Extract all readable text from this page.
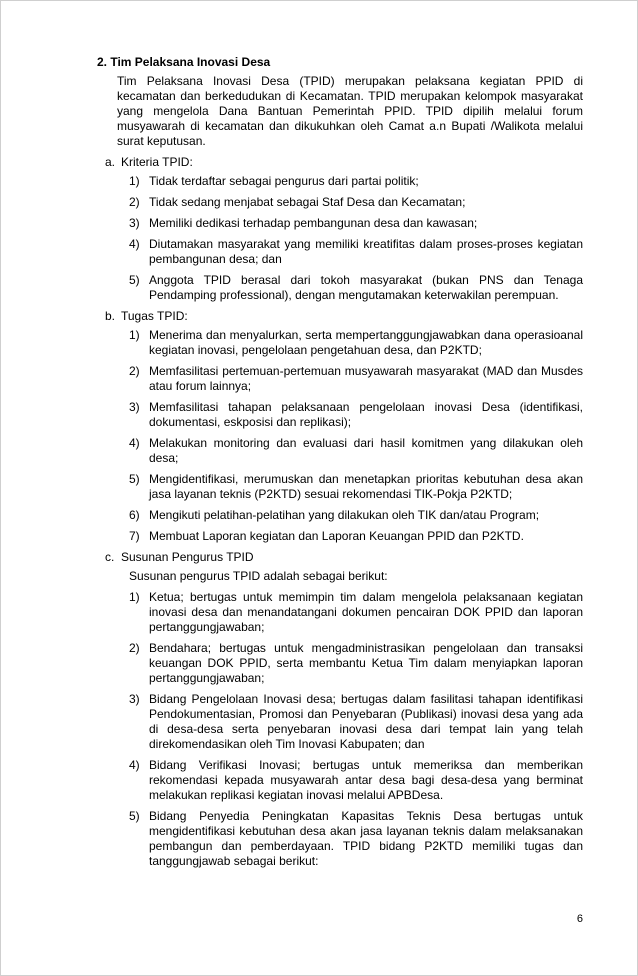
2. Tim Pelaksana Inovasi Desa
Tim Pelaksana Inovasi Desa (TPID) merupakan pelaksana kegiatan PPID di kecamatan dan berkedudukan di Kecamatan. TPID merupakan kelompok masyarakat yang mengelola Dana Bantuan Pemerintah PPID. TPID dipilih melalui forum musyawarah di kecamatan dan dikukuhkan oleh Camat a.n Bupati /Walikota melalui surat keputusan.
a. Kriteria TPID:
1) Tidak terdaftar sebagai pengurus dari partai politik;
2) Tidak sedang menjabat sebagai Staf Desa dan Kecamatan;
3) Memiliki dedikasi terhadap pembangunan desa dan kawasan;
4) Diutamakan masyarakat yang memiliki kreatifitas dalam proses-proses kegiatan pembangunan desa; dan
5) Anggota TPID berasal dari tokoh masyarakat (bukan PNS dan Tenaga Pendamping professional), dengan mengutamakan keterwakilan perempuan.
b. Tugas TPID:
1) Menerima dan menyalurkan, serta mempertanggungjawabkan dana operasioanal kegiatan inovasi, pengelolaan pengetahuan desa, dan P2KTD;
2) Memfasilitasi pertemuan-pertemuan musyawarah masyarakat (MAD dan Musdes atau forum lainnya;
3) Memfasilitasi tahapan pelaksanaan pengelolaan inovasi Desa (identifikasi, dokumentasi, eskposisi dan replikasi);
4) Melakukan monitoring dan evaluasi dari hasil komitmen yang dilakukan oleh desa;
5) Mengidentifikasi, merumuskan dan menetapkan prioritas kebutuhan desa akan jasa layanan teknis (P2KTD) sesuai rekomendasi TIK-Pokja P2KTD;
6) Mengikuti pelatihan-pelatihan yang dilakukan oleh TIK dan/atau Program;
7) Membuat Laporan kegiatan dan Laporan Keuangan PPID dan P2KTD.
c. Susunan Pengurus TPID
Susunan pengurus TPID adalah sebagai berikut:
1) Ketua; bertugas untuk memimpin tim dalam mengelola pelaksanaan kegiatan inovasi desa dan menandatangani dokumen pencairan DOK PPID dan laporan pertanggungjawaban;
2) Bendahara; bertugas untuk mengadministrasikan pengelolaan dan transaksi keuangan DOK PPID, serta membantu Ketua Tim dalam menyiapkan laporan pertanggungjawaban;
3) Bidang Pengelolaan Inovasi desa; bertugas dalam fasilitasi tahapan identifikasi Pendokumentasian, Promosi dan Penyebaran (Publikasi) inovasi desa yang ada di desa-desa serta penyebaran inovasi desa dari tempat lain yang telah direkomendasikan oleh Tim Inovasi Kabupaten; dan
4) Bidang Verifikasi Inovasi; bertugas untuk memeriksa dan memberikan rekomendasi kepada musyawarah antar desa bagi desa-desa yang berminat melakukan replikasi kegiatan inovasi melalui APBDesa.
5) Bidang Penyedia Peningkatan Kapasitas Teknis Desa bertugas untuk mengidentifikasi kebutuhan desa akan jasa layanan teknis dalam melaksanakan pembangun dan pemberdayaan. TPID bidang P2KTD memiliki tugas dan tanggungjawab sebagai berikut:
6
